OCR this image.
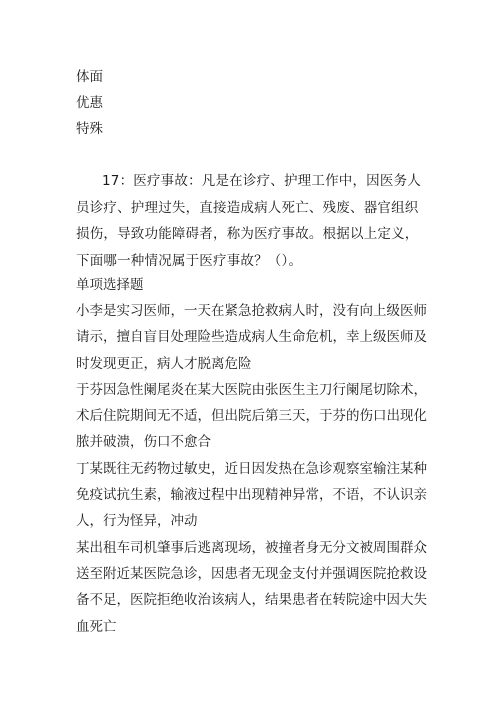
体面
优惠
特殊
17：医疗事故：凡是在诊疗、护理工作中，因医务人员诊疗、护理过失，直接造成病人死亡、残废、器官组织损伤，导致功能障碍者，称为医疗事故。根据以上定义，下面哪一种情况属于医疗事故？（）。
单项选择题

小李是实习医师，一天在紧急抢救病人时，没有向上级医师请示，擅自盲目处理险些造成病人生命危机，幸上级医师及时发现更正，病人才脱离危险

于芬因急性阑尾炎在某大医院由张医生主刀行阑尾切除术，术后住院期间无不适，但出院后第三天，于芬的伤口出现化脓并破溃，伤口不愈合

丁某既往无药物过敏史，近日因发热在急诊观察室输注某种免疫试抗生素，输液过程中出现精神异常，不语，不认识亲人，行为怪异，冲动

某出租车司机肇事后逃离现场，被撞者身无分文被周围群众送至附近某医院急诊，因患者无现金支付并强调医院抢救设备不足，医院拒绝收治该病人，结果患者在转院途中因大失血死亡
